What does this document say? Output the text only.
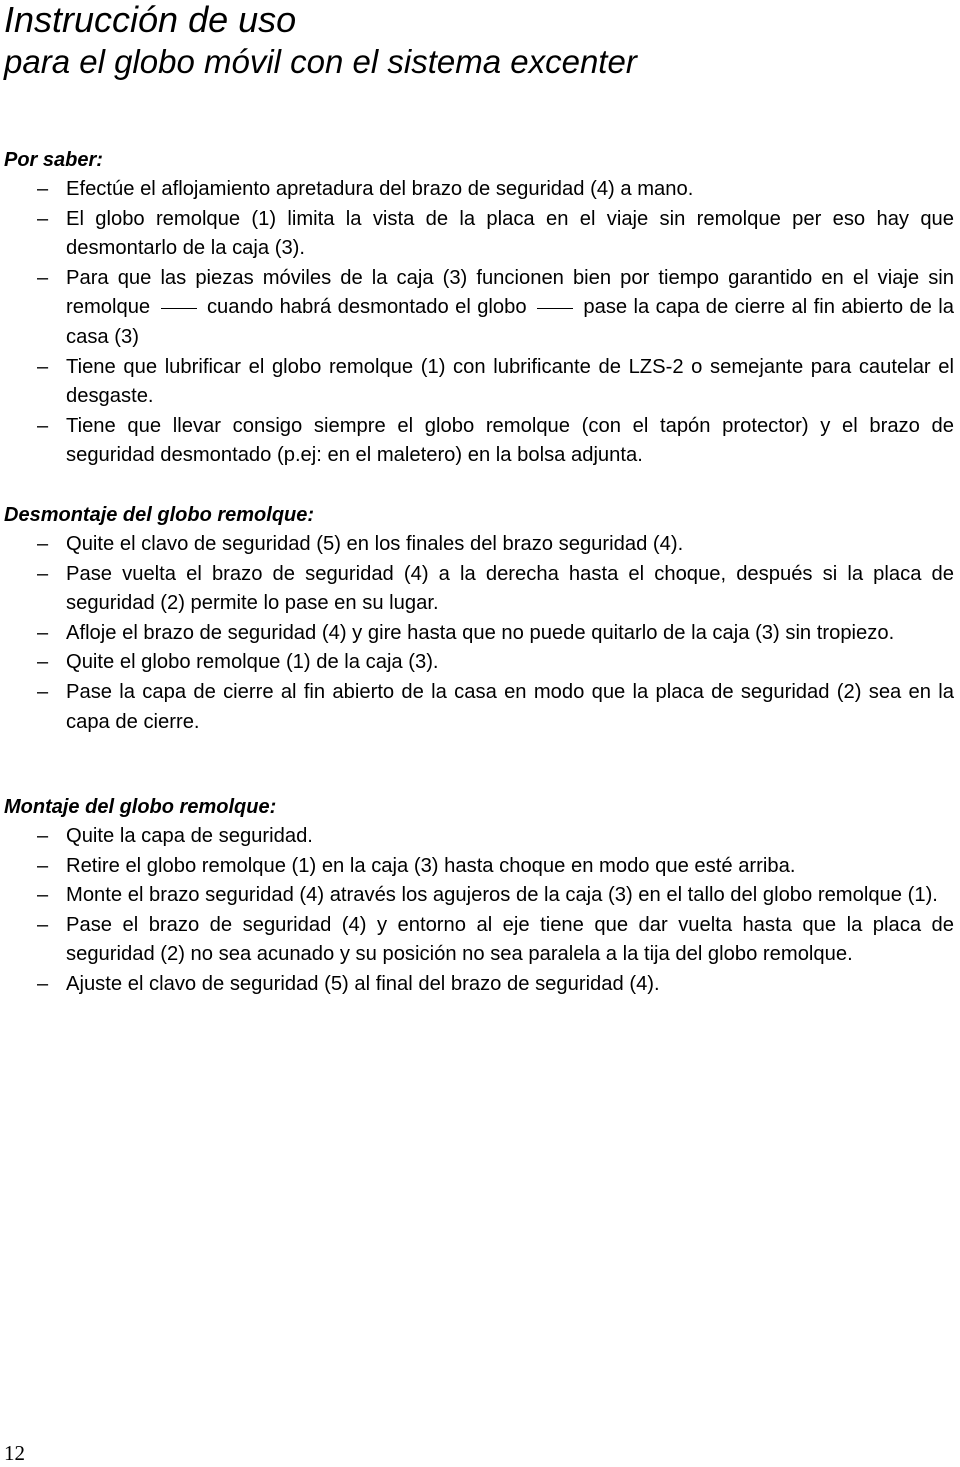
Instrucción de uso
para el globo móvil con el sistema excenter
Por saber:
– Efectúe el aflojamiento apretadura del brazo de seguridad (4) a mano.
– El globo remolque (1) limita la vista de la placa en el viaje sin remolque per eso hay que desmontarlo de la caja (3).
– Para que las piezas móviles de la caja (3) funcionen bien por tiempo garantido en el viaje sin remolque	cuando habrá desmontado el globo	pase la capa de cierre al fin abierto de la casa (3)
– Tiene que lubrificar el globo remolque (1) con lubrificante de LZS-2 o semejante para cautelar el desgaste.
– Tiene que llevar consigo siempre el globo remolque (con el tapón protector) y el brazo de seguridad desmontado (p.ej: en el maletero) en la bolsa adjunta.
Desmontaje del globo remolque:
– Quite el clavo de seguridad (5) en los finales del brazo seguridad (4).
– Pase vuelta el brazo de seguridad (4) a la derecha hasta el choque, después si la placa de seguridad (2) permite lo pase en su lugar.
– Afloje el brazo de seguridad (4) y gire hasta que no puede quitarlo de la caja (3) sin tropiezo.
– Quite el globo remolque (1) de la caja (3).
– Pase la capa de cierre al fin abierto de la casa en modo que la placa de seguridad (2) sea en la capa de cierre.
Montaje del globo remolque:
– Quite la capa de seguridad.
– Retire el globo remolque (1) en la caja (3) hasta choque en modo que esté arriba.
– Monte el brazo seguridad (4) através los agujeros de la caja (3) en el tallo del globo remolque (1).
– Pase el brazo de seguridad (4) y entorno al eje tiene que dar vuelta hasta que la placa de seguridad (2) no sea acunado y su posición no sea paralela a la tija del globo remolque.
– Ajuste el clavo de seguridad (5) al final del brazo de seguridad (4).
12
